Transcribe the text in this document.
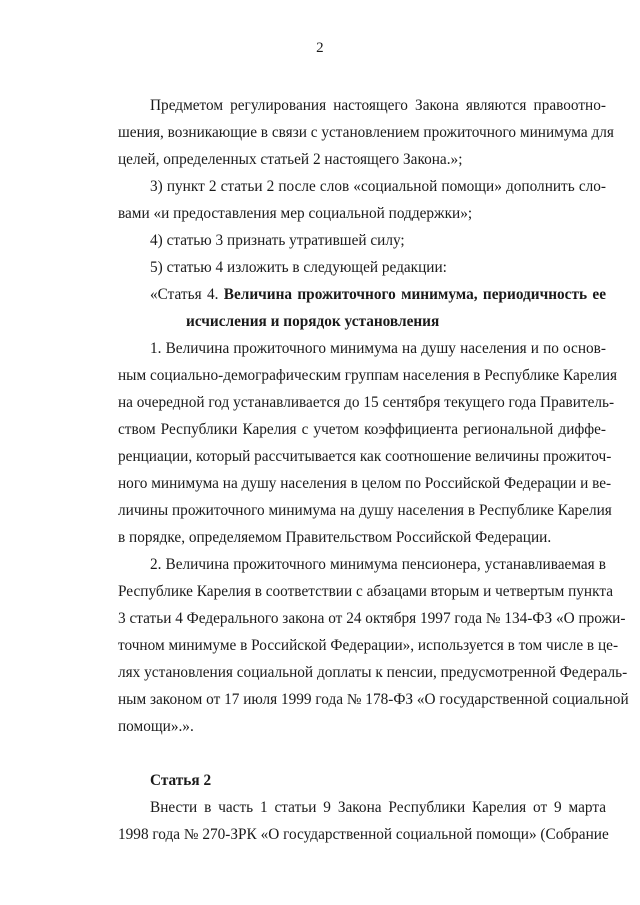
2
Предметом регулирования настоящего Закона являются правоотно-
шения, возникающие в связи с установлением прожиточного минимума для
целей, определенных статьей 2 настоящего Закона.»;
3) пункт 2 статьи 2 после слов «социальной помощи» дополнить сло-
вами «и предоставления мер социальной поддержки»;
4) статью 3 признать утратившей силу;
5) статью 4 изложить в следующей редакции:
«Статья 4. Величина прожиточного минимума, периодичность ее
исчисления и порядок установления
1. Величина прожиточного минимума на душу населения и по основ-
ным социально-демографическим группам населения в Республике Карелия
на очередной год устанавливается до 15 сентября текущего года Правитель-
ством Республики Карелия с учетом коэффициента региональной диффе-
ренциации, который рассчитывается как соотношение величины прожиточ-
ного минимума на душу населения в целом по Российской Федерации и ве-
личины прожиточного минимума на душу населения в Республике Карелия
в порядке, определяемом Правительством Российской Федерации.
2. Величина прожиточного минимума пенсионера, устанавливаемая в
Республике Карелия в соответствии с абзацами вторым и четвертым пункта
3 статьи 4 Федерального закона от 24 октября 1997 года № 134-ФЗ «О прожи-
точном минимуме в Российской Федерации», используется в том числе в це-
лях установления социальной доплаты к пенсии, предусмотренной Федераль-
ным законом от 17 июля 1999 года № 178-ФЗ «О государственной социальной
помощи».».
Статья 2
Внести в часть 1 статьи 9 Закона Республики Карелия от 9 марта
1998 года № 270-ЗРК «О государственной социальной помощи» (Собрание
